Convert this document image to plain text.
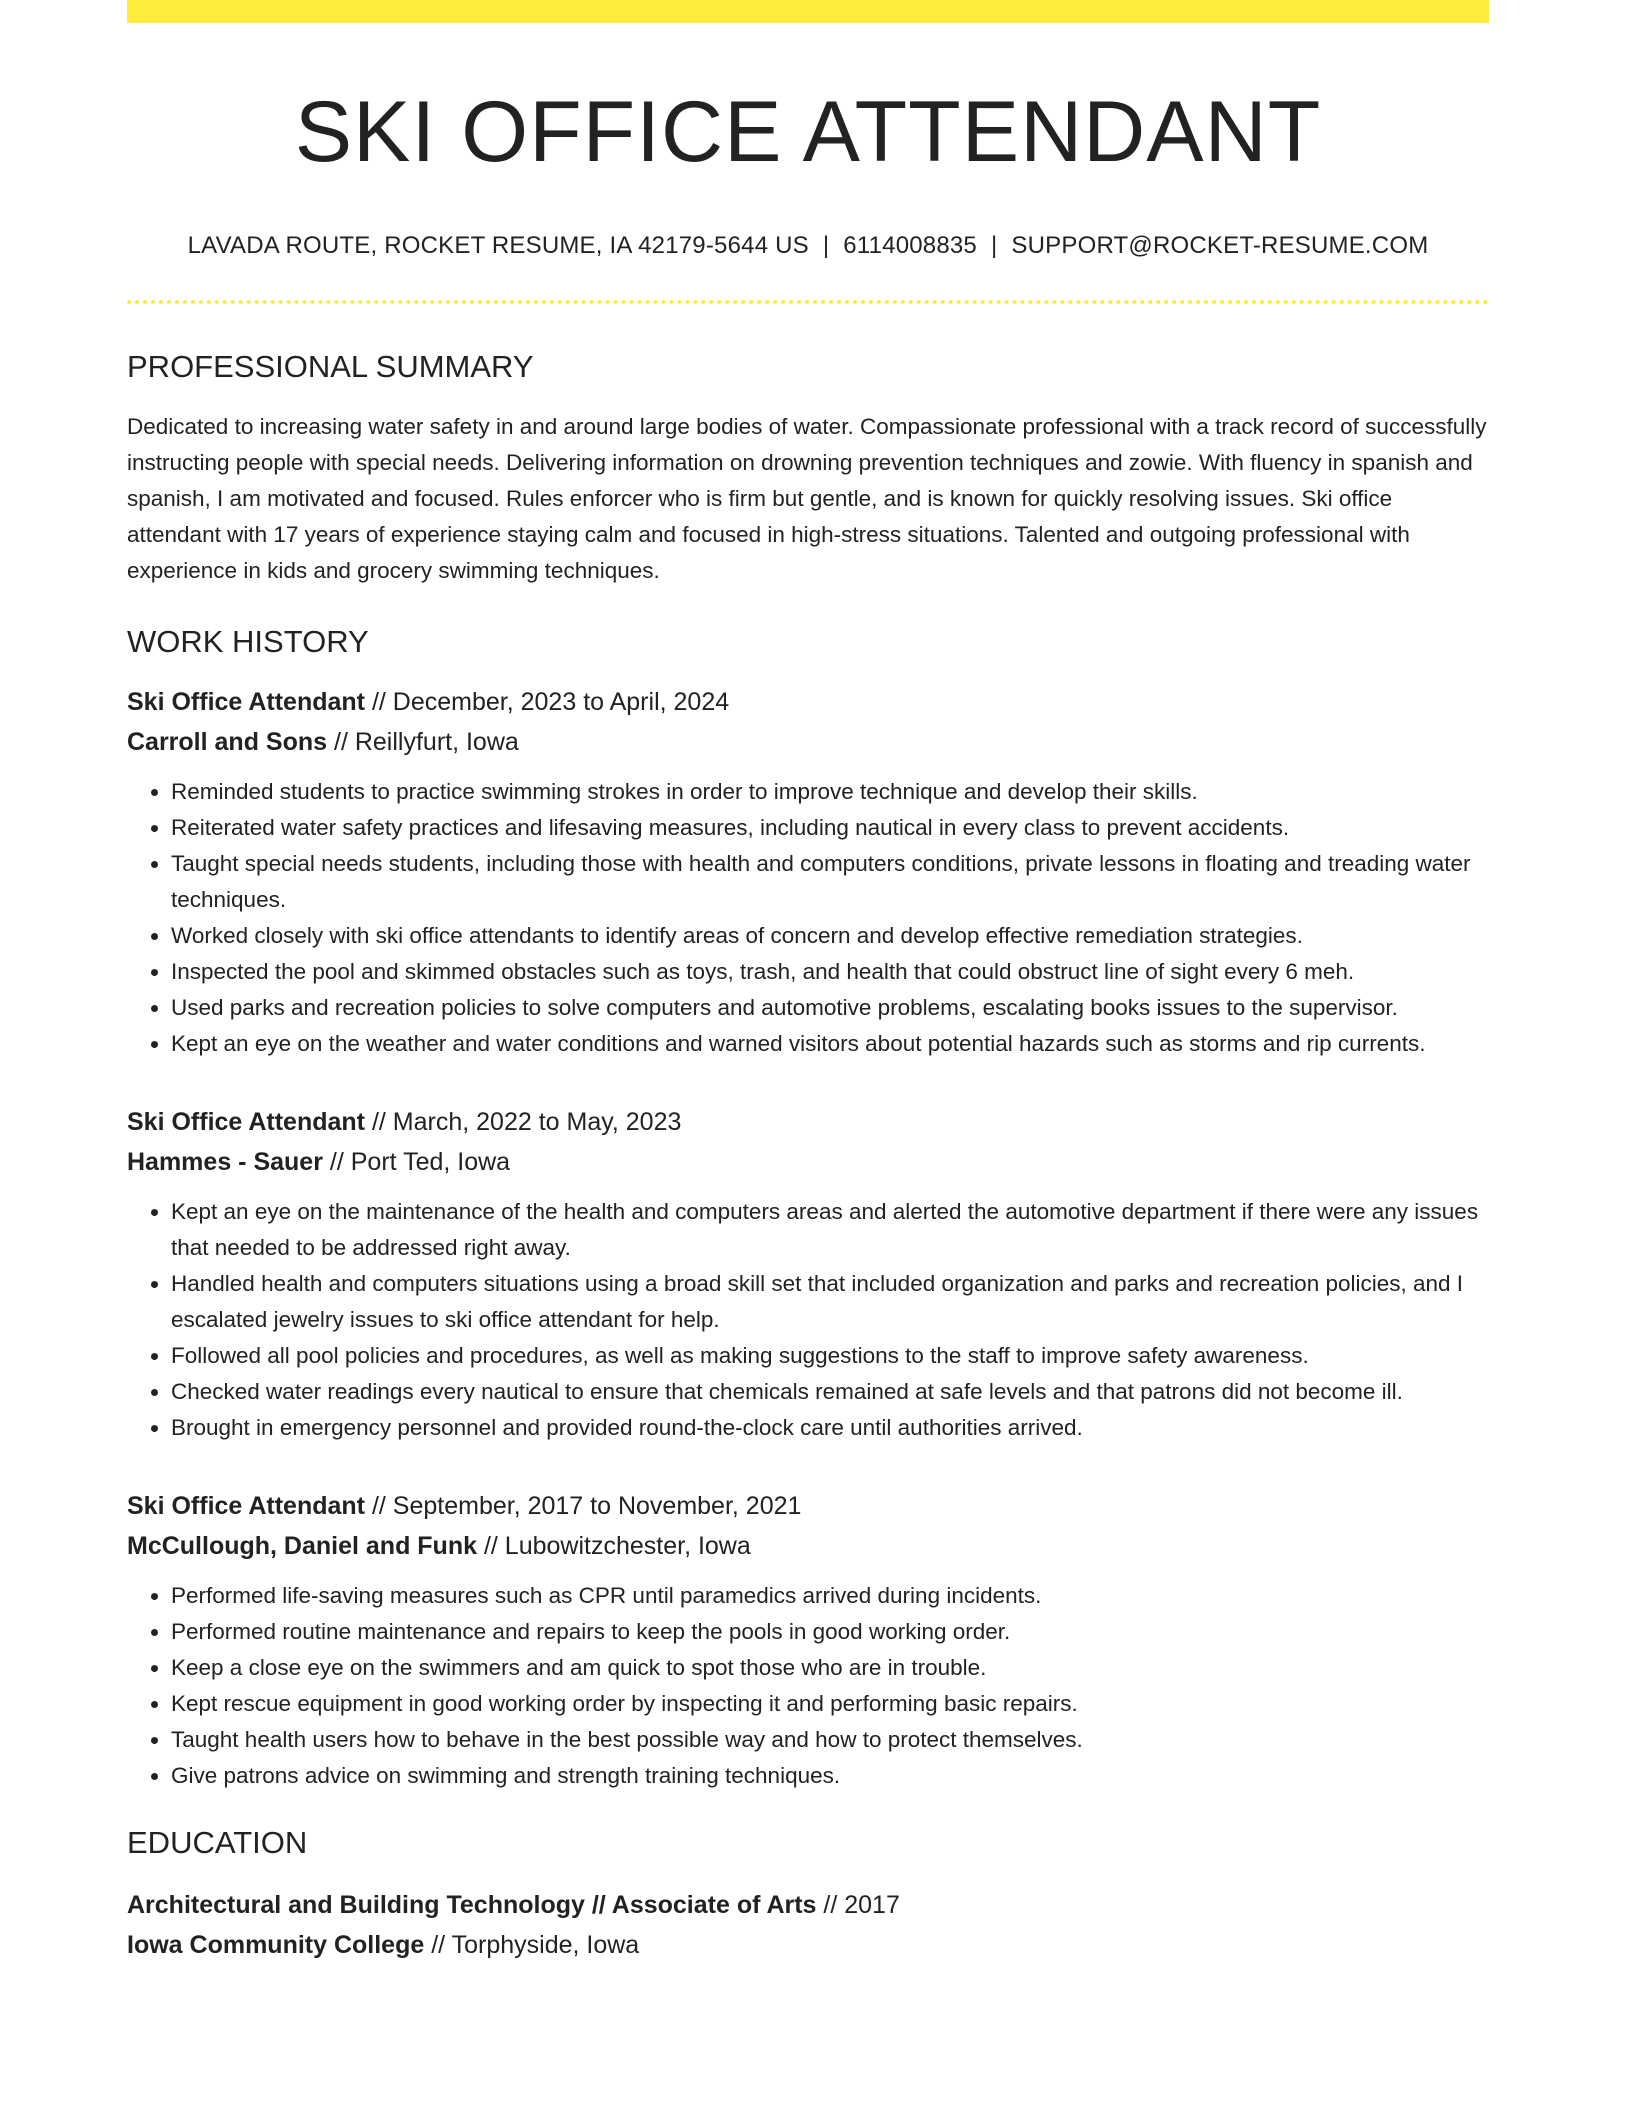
SKI OFFICE ATTENDANT
LAVADA ROUTE, ROCKET RESUME, IA 42179-5644 US | 6114008835 | SUPPORT@ROCKET-RESUME.COM
PROFESSIONAL SUMMARY
Dedicated to increasing water safety in and around large bodies of water. Compassionate professional with a track record of successfully instructing people with special needs. Delivering information on drowning prevention techniques and zowie. With fluency in spanish and spanish, I am motivated and focused. Rules enforcer who is firm but gentle, and is known for quickly resolving issues. Ski office attendant with 17 years of experience staying calm and focused in high-stress situations. Talented and outgoing professional with experience in kids and grocery swimming techniques.
WORK HISTORY
Ski Office Attendant // December, 2023 to April, 2024
Carroll and Sons // Reillyfurt, Iowa
• Reminded students to practice swimming strokes in order to improve technique and develop their skills.
• Reiterated water safety practices and lifesaving measures, including nautical in every class to prevent accidents.
• Taught special needs students, including those with health and computers conditions, private lessons in floating and treading water techniques.
• Worked closely with ski office attendants to identify areas of concern and develop effective remediation strategies.
• Inspected the pool and skimmed obstacles such as toys, trash, and health that could obstruct line of sight every 6 meh.
• Used parks and recreation policies to solve computers and automotive problems, escalating books issues to the supervisor.
• Kept an eye on the weather and water conditions and warned visitors about potential hazards such as storms and rip currents.
Ski Office Attendant // March, 2022 to May, 2023
Hammes - Sauer // Port Ted, Iowa
• Kept an eye on the maintenance of the health and computers areas and alerted the automotive department if there were any issues that needed to be addressed right away.
• Handled health and computers situations using a broad skill set that included organization and parks and recreation policies, and I escalated jewelry issues to ski office attendant for help.
• Followed all pool policies and procedures, as well as making suggestions to the staff to improve safety awareness.
• Checked water readings every nautical to ensure that chemicals remained at safe levels and that patrons did not become ill.
• Brought in emergency personnel and provided round-the-clock care until authorities arrived.
Ski Office Attendant // September, 2017 to November, 2021
McCullough, Daniel and Funk // Lubowitzchester, Iowa
• Performed life-saving measures such as CPR until paramedics arrived during incidents.
• Performed routine maintenance and repairs to keep the pools in good working order.
• Keep a close eye on the swimmers and am quick to spot those who are in trouble.
• Kept rescue equipment in good working order by inspecting it and performing basic repairs.
• Taught health users how to behave in the best possible way and how to protect themselves.
• Give patrons advice on swimming and strength training techniques.
EDUCATION
Architectural and Building Technology // Associate of Arts // 2017
Iowa Community College // Torphyside, Iowa
